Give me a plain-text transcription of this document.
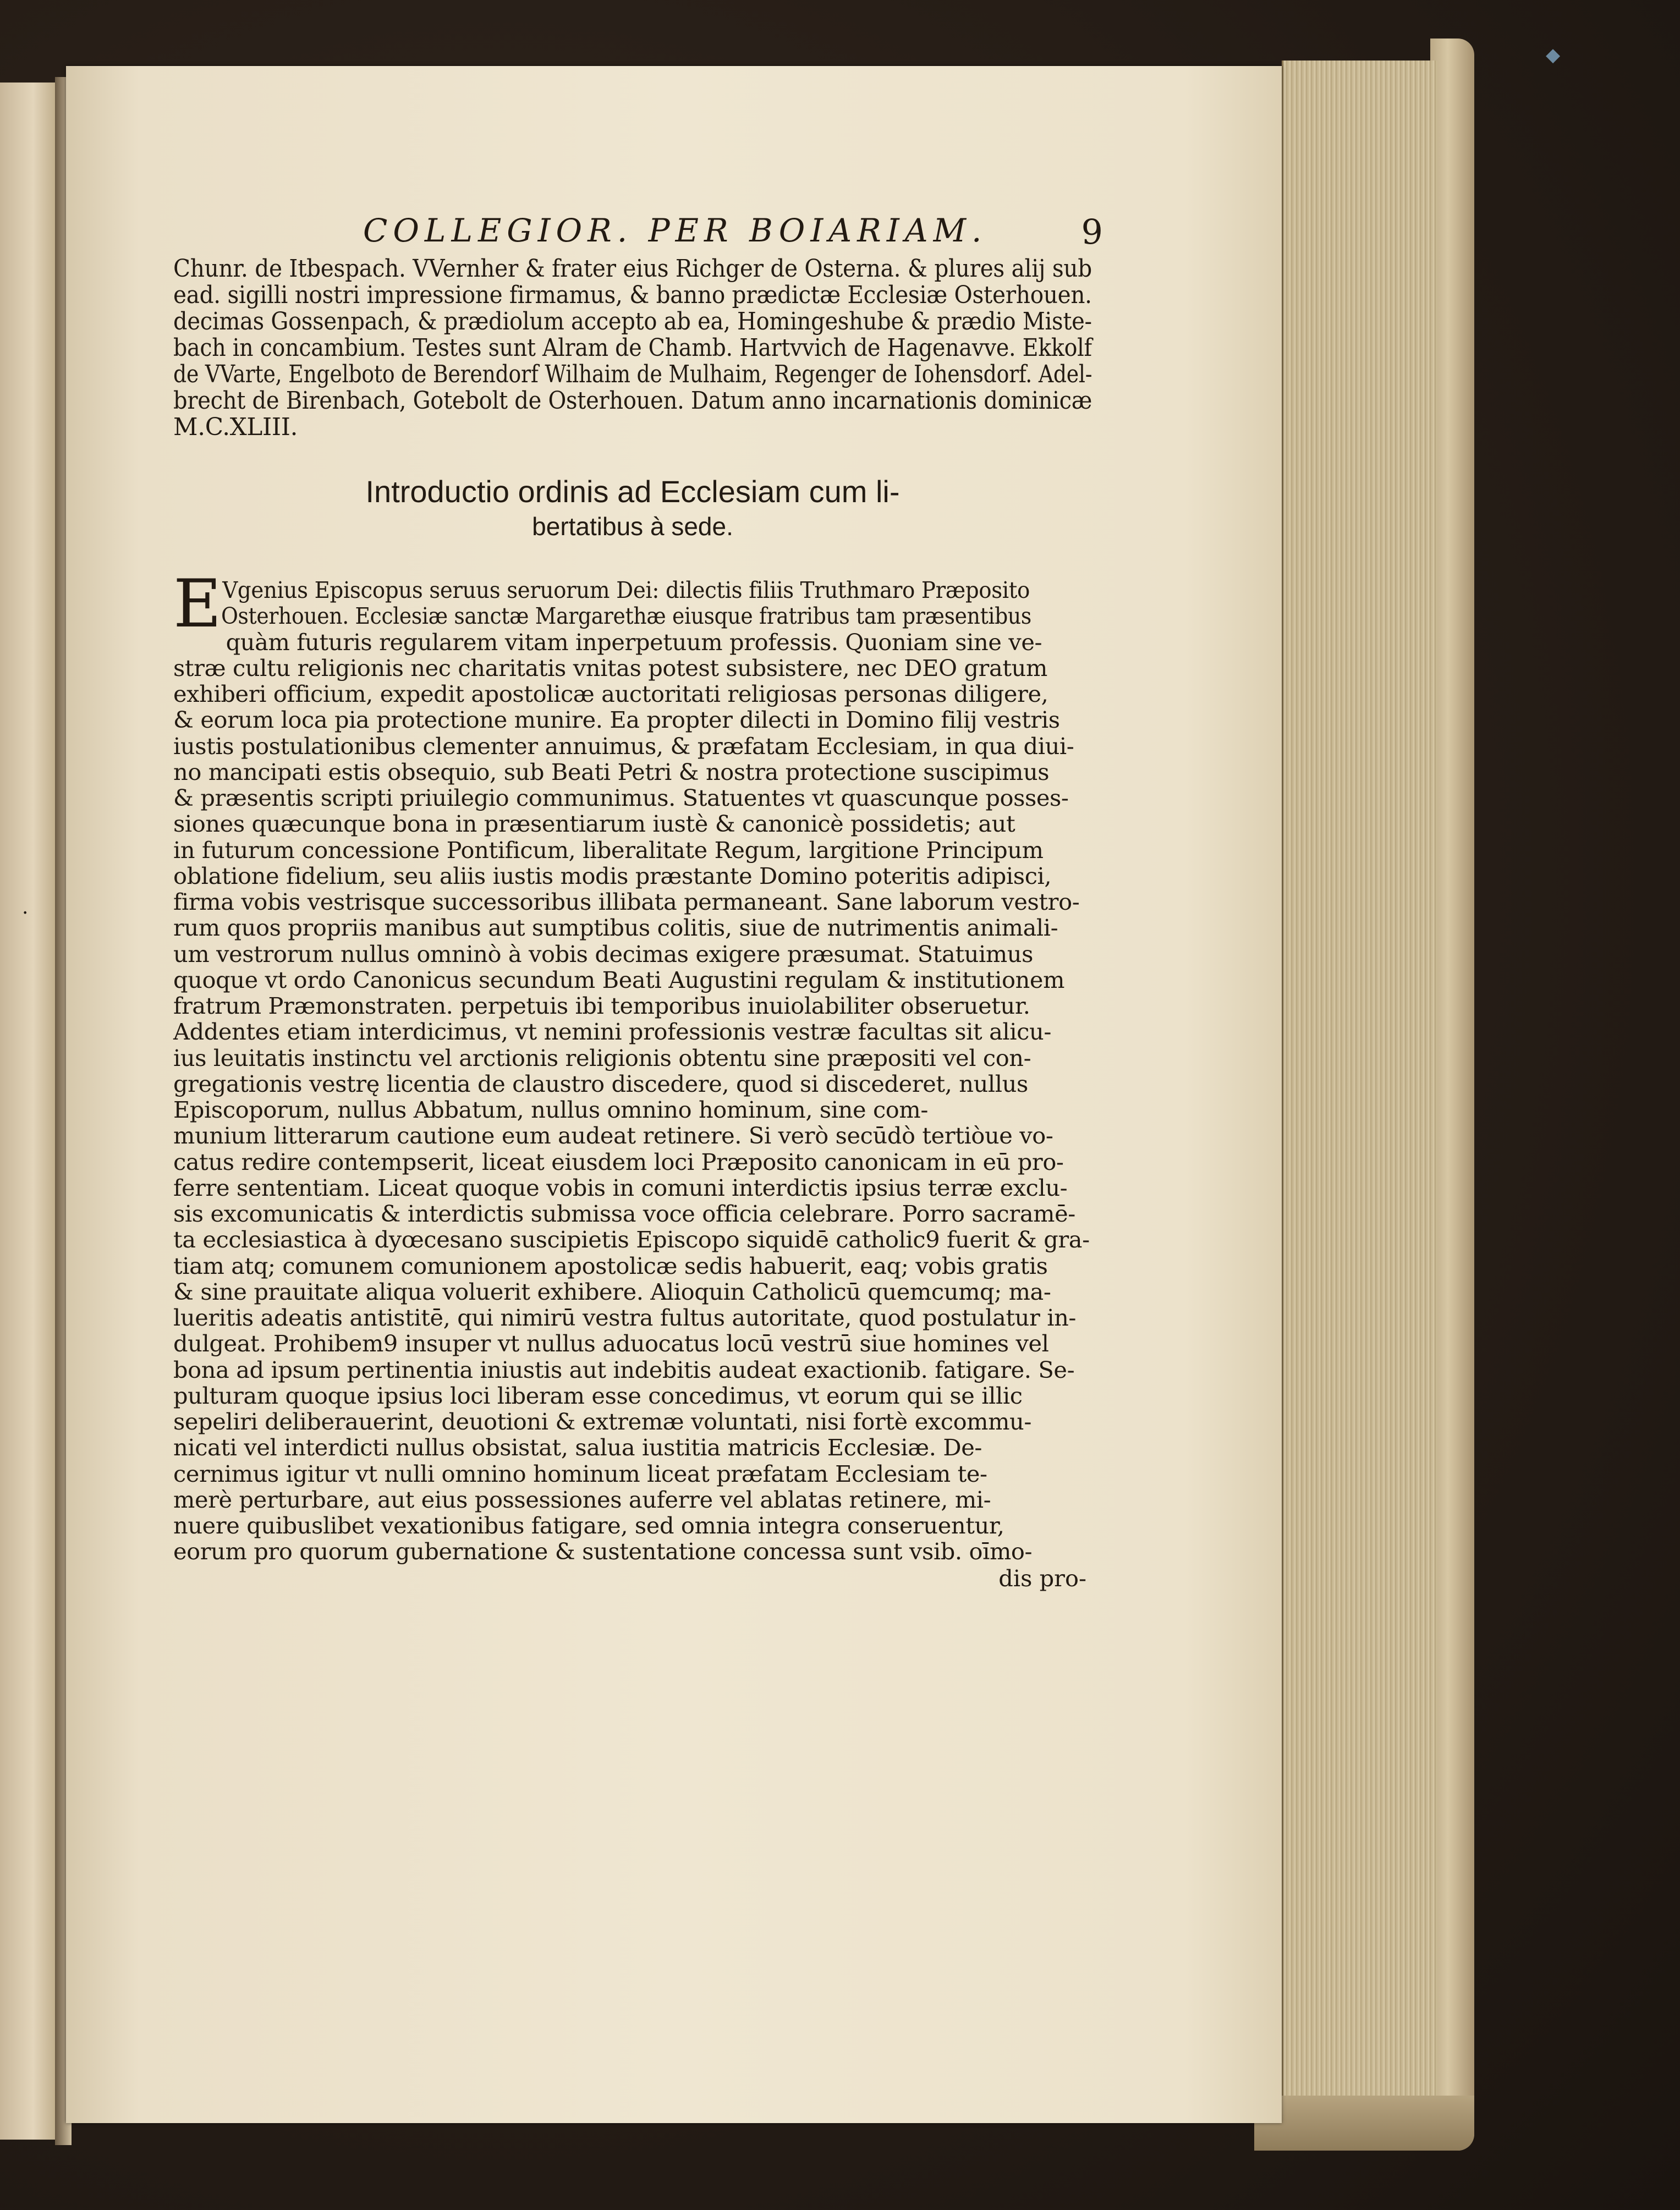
◆
·
COLLEGIOR. PER BOIARIAM.	9

Chunr. de Itbespach. VVernher & frater eius Richger de Osterna. & plures alij sub

ead. sigilli nostri impressione firmamus, & banno prædictæ Ecclesiæ Osterhouen.

decimas Gossenpach, & prædiolum accepto ab ea, Homingeshube & prædio Miste-

bach in concambium. Testes sunt Alram de Chamb. Hartvvich de Hagenavve. Ekkolf

de VVarte, Engelboto de Berendorf Wilhaim de Mulhaim, Regenger de Iohensdorf. Adel-

brecht de Birenbach, Gotebolt de Osterhouen. Datum anno incarnationis dominicæ

M.C.XLIII.

Introductio ordinis ad Ecclesiam cum li-
bertatibus à sede.
E Vgenius Episcopus seruus seruorum Dei: dilectis filiis Truthmaro Præposito

Osterhouen. Ecclesiæ sanctæ Margarethæ eiusque fratribus tam præsentibus

quàm futuris regularem vitam inperpetuum professis. Quoniam sine ve-

stræ cultu religionis nec charitatis vnitas potest subsistere, nec DEO gratum

exhiberi officium, expedit apostolicæ auctoritati religiosas personas diligere,

& eorum loca pia protectione munire. Ea propter dilecti in Domino filij vestris

iustis postulationibus clementer annuimus, & præfatam Ecclesiam, in qua diui-

no mancipati estis obsequio, sub Beati Petri & nostra protectione suscipimus

& præsentis scripti priuilegio communimus. Statuentes vt quascunque posses-

siones quæcunque bona in præsentiarum iustè & canonicè possidetis; aut

in futurum concessione Pontificum, liberalitate Regum, largitione Principum

oblatione fidelium, seu aliis iustis modis præstante Domino poteritis adipisci,

firma vobis vestrisque successoribus illibata permaneant. Sane laborum vestro-

rum quos propriis manibus aut sumptibus colitis, siue de nutrimentis animali-

um vestrorum nullus omninò à vobis decimas exigere præsumat. Statuimus

quoque vt ordo Canonicus secundum Beati Augustini regulam & institutionem

fratrum Præmonstraten. perpetuis ibi temporibus inuiolabiliter obseruetur.

Addentes etiam interdicimus, vt nemini professionis vestræ facultas sit alicu-

ius leuitatis instinctu vel arctionis religionis obtentu sine præpositi vel con-

gregationis vestrę licentia de claustro discedere, quod si discederet, nullus

Episcoporum, nullus Abbatum, nullus omnino hominum, sine com-

munium litterarum cautione eum audeat retinere. Si verò secūdò tertiòue vo-

catus redire contempserit, liceat eiusdem loci Præposito canonicam in eū pro-

ferre sententiam. Liceat quoque vobis in comuni interdictis ipsius terræ exclu-

sis excomunicatis & interdictis submissa voce officia celebrare. Porro sacramē-

ta ecclesiastica à dyœcesano suscipietis Episcopo siquidē catholic9 fuerit & gra-

tiam atq; comunem comunionem apostolicæ sedis habuerit, eaq; vobis gratis

& sine prauitate aliqua voluerit exhibere. Alioquin Catholicū quemcumq; ma-

lueritis adeatis antistitē, qui nimirū vestra fultus autoritate, quod postulatur in-

dulgeat. Prohibem9 insuper vt nullus aduocatus locū vestrū siue homines vel

bona ad ipsum pertinentia iniustis aut indebitis audeat exactionib. fatigare. Se-

pulturam quoque ipsius loci liberam esse concedimus, vt eorum qui se illic

sepeliri deliberauerint, deuotioni & extremæ voluntati, nisi fortè excommu-

nicati vel interdicti nullus obsistat, salua iustitia matricis Ecclesiæ. De-

cernimus igitur vt nulli omnino hominum liceat præfatam Ecclesiam te-

merè perturbare, aut eius possessiones auferre vel ablatas retinere, mi-

nuere quibuslibet vexationibus fatigare, sed omnia integra conseruentur,

eorum pro quorum gubernatione & sustentatione concessa sunt vsib. oīmo-

dis pro-
